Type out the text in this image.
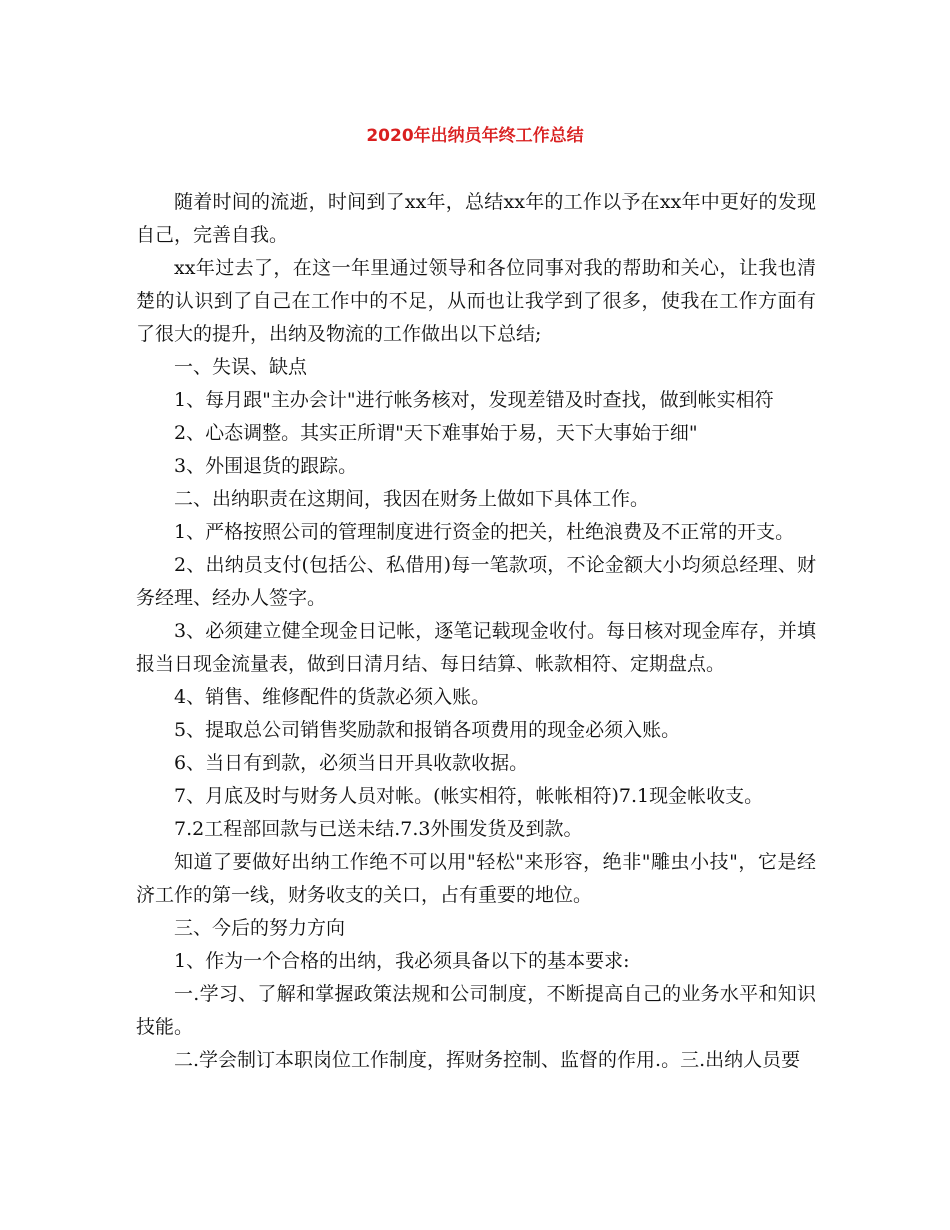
2020年出纳员年终工作总结

随着时间的流逝，时间到了xx年，总结xx年的工作以予在xx年中更好的发现自己，完善自我。

xx年过去了，在这一年里通过领导和各位同事对我的帮助和关心，让我也清楚的认识到了自己在工作中的不足，从而也让我学到了很多，使我在工作方面有了很大的提升，出纳及物流的工作做出以下总结;

一、失误、缺点

1、每月跟"主办会计"进行帐务核对，发现差错及时查找，做到帐实相符

2、心态调整。其实正所谓"天下难事始于易，天下大事始于细"

3、外围退货的跟踪。

二、出纳职责在这期间，我因在财务上做如下具体工作。

1、严格按照公司的管理制度进行资金的把关，杜绝浪费及不正常的开支。

2、出纳员支付(包括公、私借用)每一笔款项，不论金额大小均须总经理、财务经理、经办人签字。

3、必须建立健全现金日记帐，逐笔记载现金收付。每日核对现金库存，并填报当日现金流量表，做到日清月结、每日结算、帐款相符、定期盘点。

4、销售、维修配件的货款必须入账。

5、提取总公司销售奖励款和报销各项费用的现金必须入账。

6、当日有到款，必须当日开具收款收据。

7、月底及时与财务人员对帐。(帐实相符，帐帐相符)7.1现金帐收支。

7.2工程部回款与已送未结.7.3外围发货及到款。

知道了要做好出纳工作绝不可以用"轻松"来形容，绝非"雕虫小技"，它是经济工作的第一线，财务收支的关口，占有重要的地位。

三、今后的努力方向

1、作为一个合格的出纳，我必须具备以下的基本要求:

一.学习、了解和掌握政策法规和公司制度，不断提高自己的业务水平和知识技能。

二.学会制订本职岗位工作制度，挥财务控制、监督的作用.。三.出纳人员要
